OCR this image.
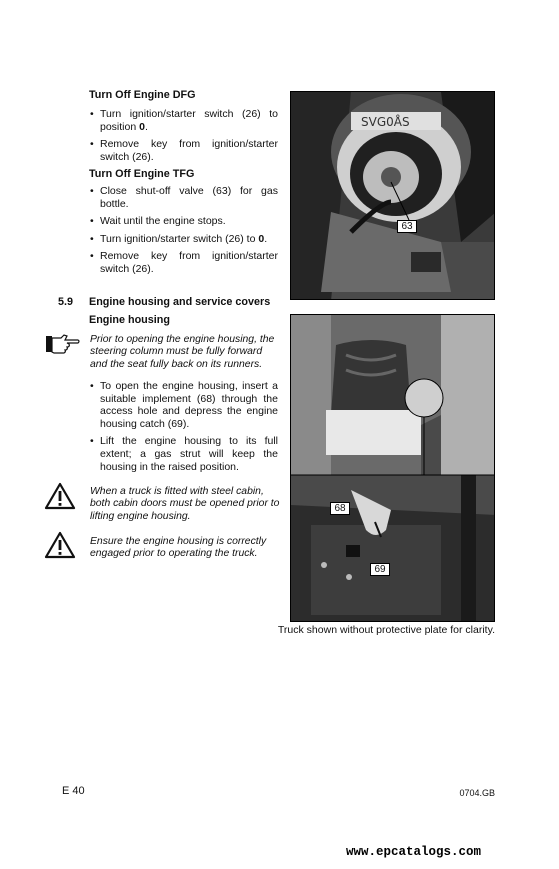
Turn Off Engine DFG
• Turn ignition/starter switch (26) to position 0.
• Remove key from ignition/starter switch (26).
Turn Off Engine TFG
• Close shut-off valve (63) for gas bottle.
• Wait until the engine stops.
• Turn ignition/starter switch (26) to 0.
• Remove key from ignition/starter switch (26).
5.9 Engine housing and service covers
Engine housing
Prior to opening the engine housing, the steering column must be fully forward and the seat fully back on its runners.
• To open the engine housing, insert a suitable implement (68) through the access hole and depress the engine housing catch (69).
• Lift the engine housing to its full extent; a gas strut will keep the housing in the raised position.
When a truck is fitted with steel cabin, both cabin doors must be opened prior to lifting engine housing.
Ensure the engine housing is correctly engaged prior to operating the truck.
SVG0ÅS
63
68
69
Truck shown without protective plate for clarity.
E 40	0704.GB
www.epcatalogs.com
